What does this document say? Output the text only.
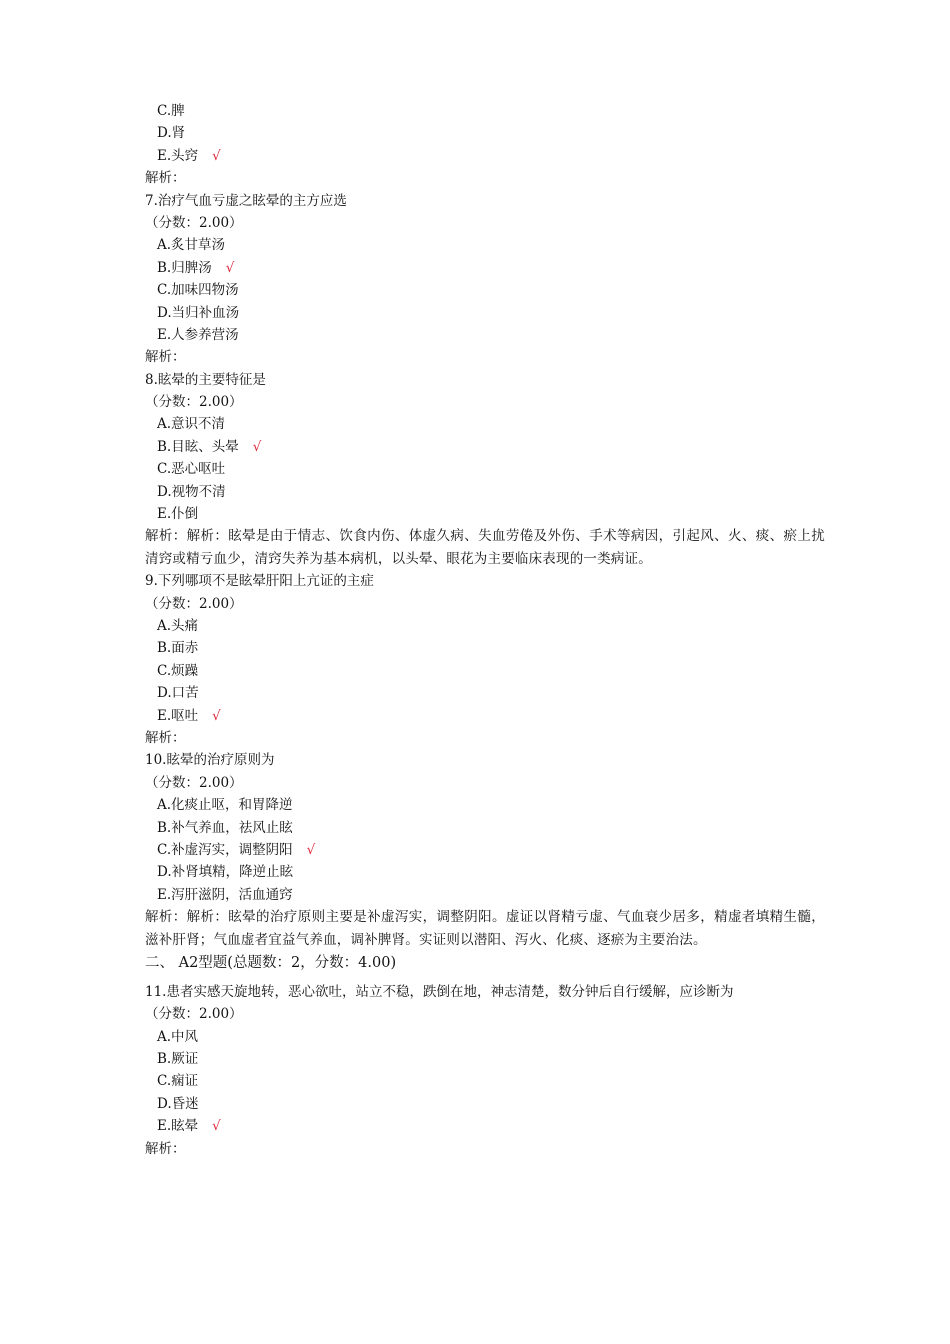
C.脾
D.肾
E.头窍 √
解析：
7.治疗气血亏虚之眩晕的主方应选
（分数：2.00）
A.炙甘草汤
B.归脾汤 √
C.加味四物汤
D.当归补血汤
E.人参养营汤
解析：
8.眩晕的主要特征是
（分数：2.00）
A.意识不清
B.目眩、头晕 √
C.恶心呕吐
D.视物不清
E.仆倒
解析：解析：眩晕是由于情志、饮食内伤、体虚久病、失血劳倦及外伤、手术等病因，引起风、火、痰、瘀上扰清窍或精亏血少，清窍失养为基本病机，以头晕、眼花为主要临床表现的一类病证。
9.下列哪项不是眩晕肝阳上亢证的主症
（分数：2.00）
A.头痛
B.面赤
C.烦躁
D.口苦
E.呕吐 √
解析：
10.眩晕的治疗原则为
（分数：2.00）
A.化痰止呕，和胃降逆
B.补气养血，祛风止眩
C.补虚泻实，调整阴阳 √
D.补肾填精，降逆止眩
E.泻肝滋阴，活血通窍
解析：解析：眩晕的治疗原则主要是补虚泻实，调整阴阳。虚证以肾精亏虚、气血衰少居多，精虚者填精生髓，滋补肝肾；气血虚者宜益气养血，调补脾肾。实证则以潜阳、泻火、化痰、逐瘀为主要治法。
二、 A2型题(总题数：2，分数：4.00)
11.患者实感天旋地转，恶心欲吐，站立不稳，跌倒在地，神志清楚，数分钟后自行缓解，应诊断为
（分数：2.00）
A.中风
B.厥证
C.痫证
D.昏迷
E.眩晕 √
解析：
